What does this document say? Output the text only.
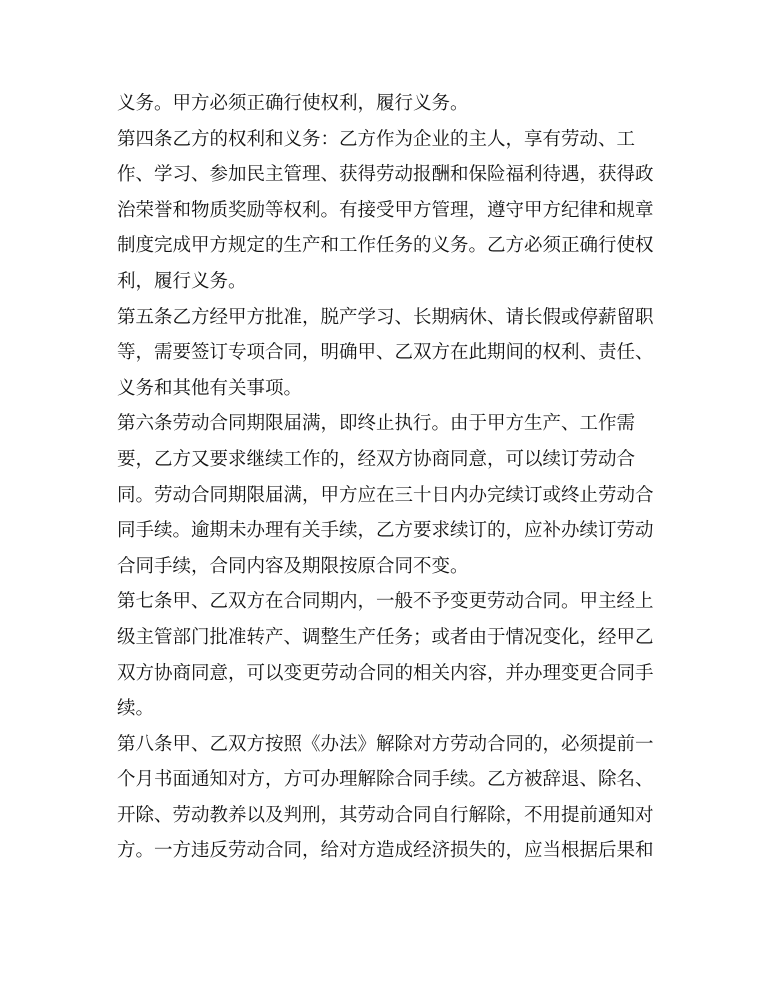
义务。甲方必须正确行使权利，履行义务。
第四条乙方的权利和义务：乙方作为企业的主人，享有劳动、工
作、学习、参加民主管理、获得劳动报酬和保险福利待遇，获得政
治荣誉和物质奖励等权利。有接受甲方管理，遵守甲方纪律和规章
制度完成甲方规定的生产和工作任务的义务。乙方必须正确行使权
利，履行义务。
第五条乙方经甲方批准，脱产学习、长期病休、请长假或停薪留职
等，需要签订专项合同，明确甲、乙双方在此期间的权利、责任、
义务和其他有关事项。
第六条劳动合同期限届满，即终止执行。由于甲方生产、工作需
要，乙方又要求继续工作的，经双方协商同意，可以续订劳动合
同。劳动合同期限届满，甲方应在三十日内办完续订或终止劳动合
同手续。逾期未办理有关手续，乙方要求续订的，应补办续订劳动
合同手续，合同内容及期限按原合同不变。
第七条甲、乙双方在合同期内，一般不予变更劳动合同。甲主经上
级主管部门批准转产、调整生产任务；或者由于情况变化，经甲乙
双方协商同意，可以变更劳动合同的相关内容，并办理变更合同手
续。
第八条甲、乙双方按照《办法》解除对方劳动合同的，必须提前一
个月书面通知对方，方可办理解除合同手续。乙方被辞退、除名、
开除、劳动教养以及判刑，其劳动合同自行解除，不用提前通知对
方。一方违反劳动合同，给对方造成经济损失的，应当根据后果和
